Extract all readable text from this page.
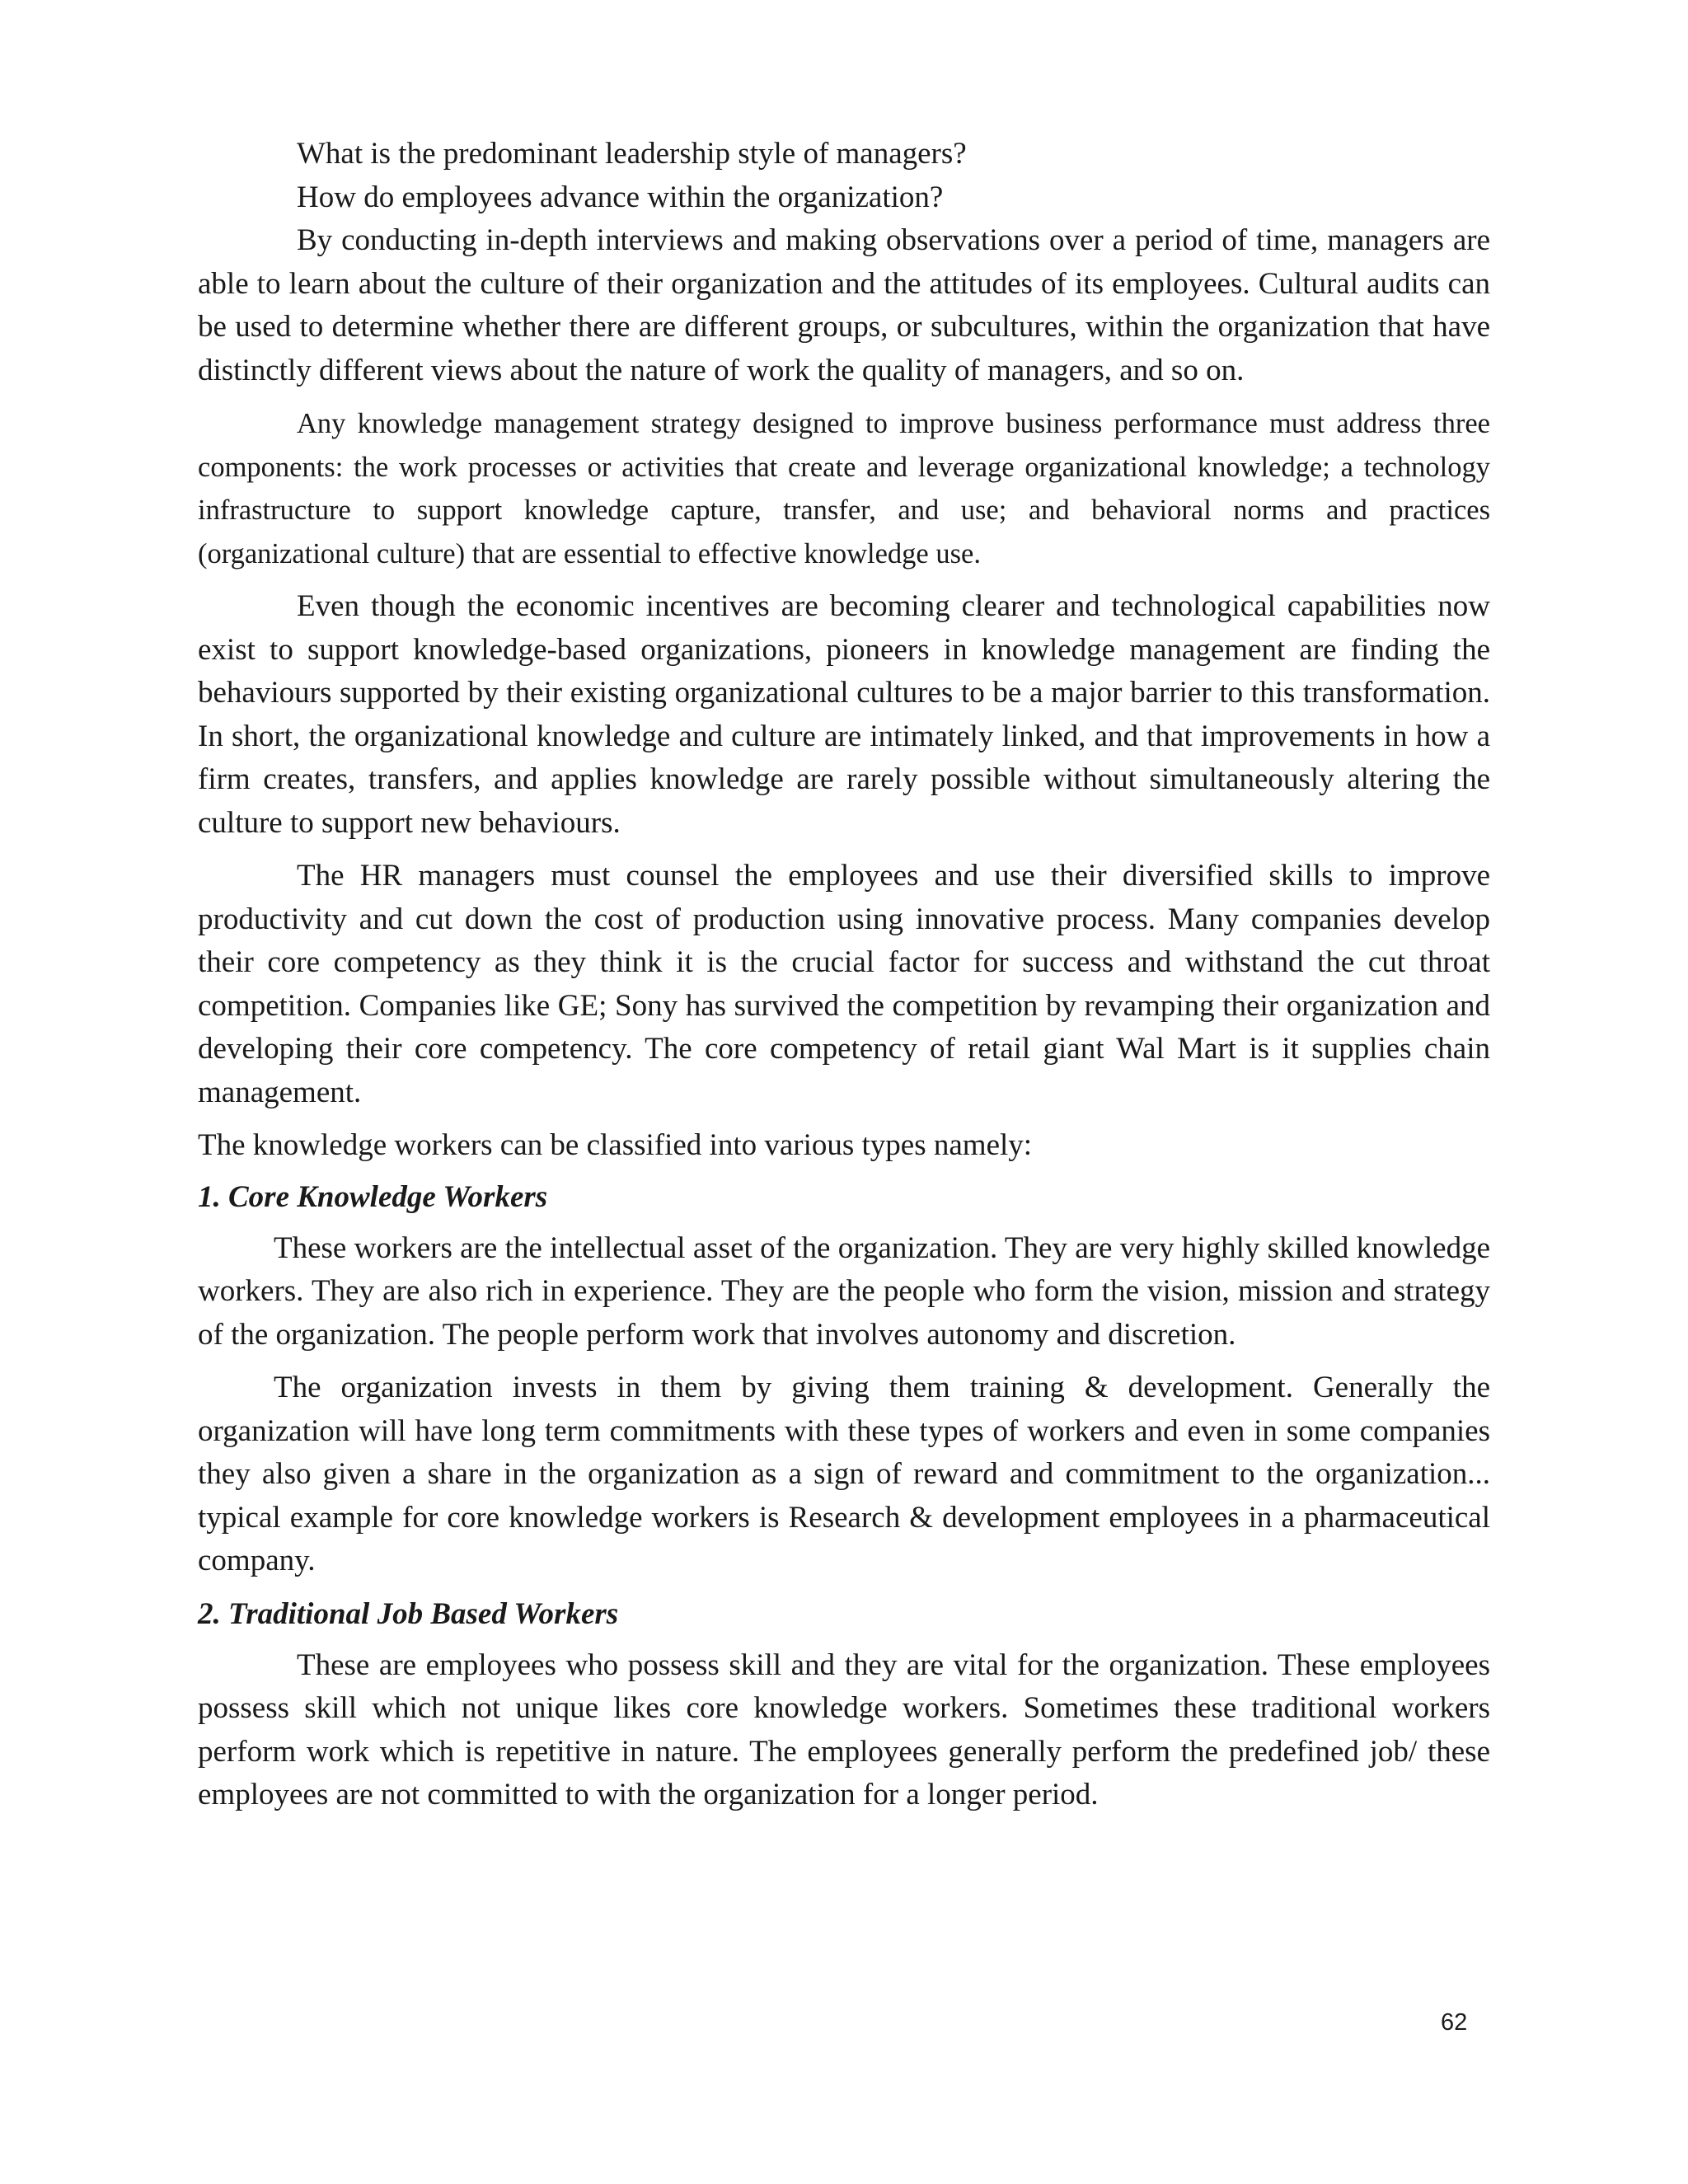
What is the predominant leadership style of managers?

How do employees advance within the organization?

By conducting in-depth interviews and making observations over a period of time, managers are able to learn about the culture of their organization and the attitudes of its employees. Cultural audits can be used to determine whether there are different groups, or subcultures, within the organization that have distinctly different views about the nature of work the quality of managers, and so on.

Any knowledge management strategy designed to improve business performance must address three components: the work processes or activities that create and leverage organizational knowledge; a technology infrastructure to support knowledge capture, transfer, and use; and behavioral norms and practices (organizational culture) that are essential to effective knowledge use.

Even though the economic incentives are becoming clearer and technological capabilities now exist to support knowledge-based organizations, pioneers in knowledge management are finding the behaviours supported by their existing organizational cultures to be a major barrier to this transformation. In short, the organizational knowledge and culture are intimately linked, and that improvements in how a firm creates, transfers, and applies knowledge are rarely possible without simultaneously altering the culture to support new behaviours.

The HR managers must counsel the employees and use their diversified skills to improve productivity and cut down the cost of production using innovative process. Many companies develop their core competency as they think it is the crucial factor for success and withstand the cut throat competition. Companies like GE; Sony has survived the competition by revamping their organization and developing their core competency. The core competency of retail giant Wal Mart is it supplies chain management.

The knowledge workers can be classified into various types namely:

1. Core Knowledge Workers

These workers are the intellectual asset of the organization. They are very highly skilled knowledge workers. They are also rich in experience. They are the people who form the vision, mission and strategy of the organization. The people perform work that involves autonomy and discretion.

The organization invests in them by giving them training & development. Generally the organization will have long term commitments with these types of workers and even in some companies they also given a share in the organization as a sign of reward and commitment to the organization... typical example for core knowledge workers is Research & development employees in a pharmaceutical company.

2. Traditional Job Based Workers

These are employees who possess skill and they are vital for the organization. These employees possess skill which not unique likes core knowledge workers. Sometimes these traditional workers perform work which is repetitive in nature. The employees generally perform the predefined job/ these employees are not committed to with the organization for a longer period.

62
